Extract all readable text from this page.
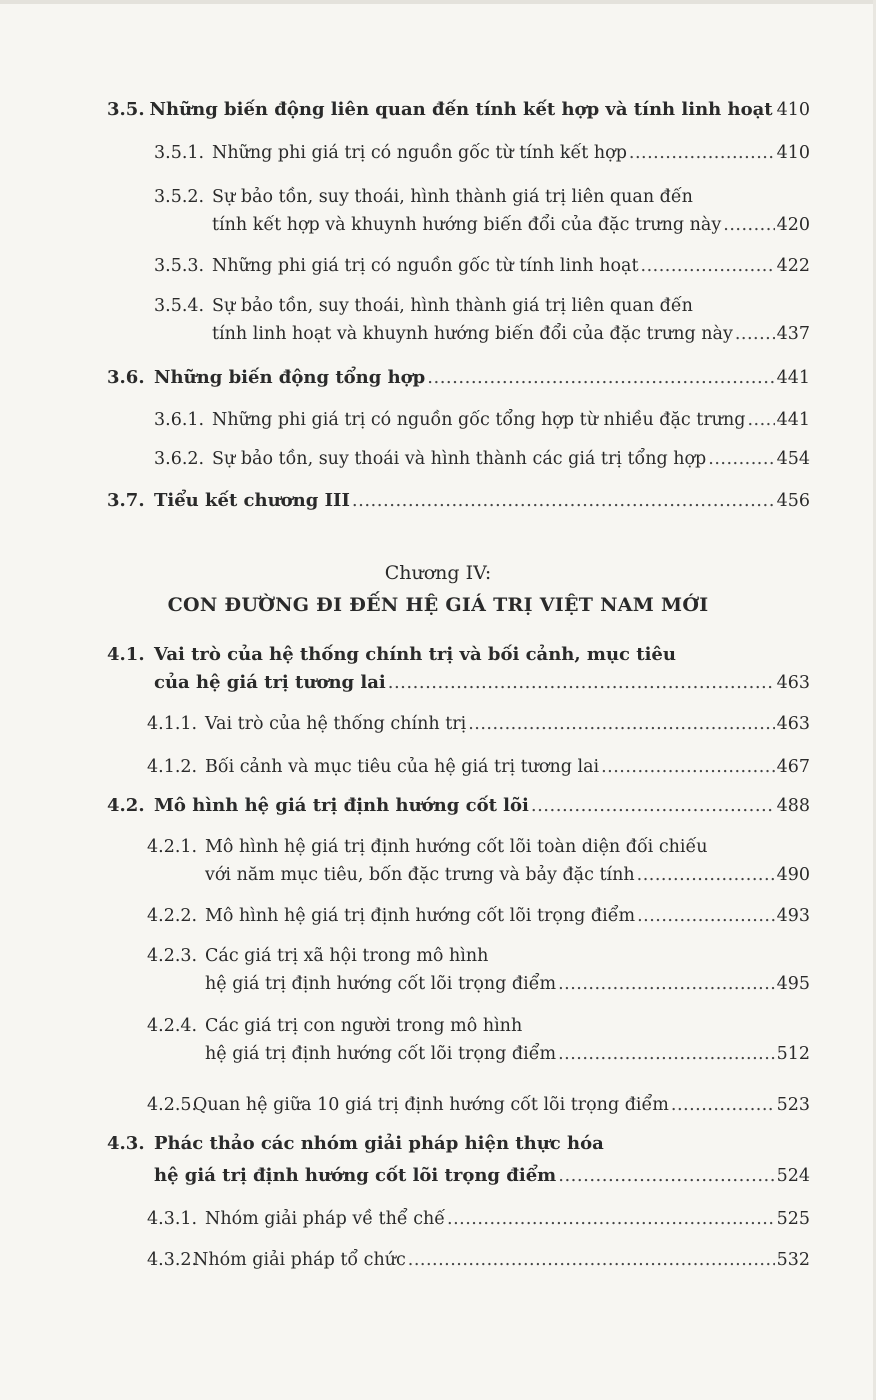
3.5. Những biến động liên quan đến tính kết hợp và tính linh hoạt 410
3.5.1. Những phi giá trị có nguồn gốc từ tính kết hợp .....	410
3.5.2. Sự bảo tồn, suy thoái, hình thành giá trị liên quan đến
tính kết hợp và khuynh hướng biến đổi của đặc trưng này .....	420
3.5.3. Những phi giá trị có nguồn gốc từ tính linh hoạt .....	422
3.5.4. Sự bảo tồn, suy thoái, hình thành giá trị liên quan đến
tính linh hoạt và khuynh hướng biến đổi của đặc trưng này .....	437
3.6. Những biến động tổng hợp .....	441
3.6.1. Những phi giá trị có nguồn gốc tổng hợp từ nhiều đặc trưng ..... 441
3.6.2. Sự bảo tồn, suy thoái và hình thành các giá trị tổng hợp .....	454
3.7. Tiểu kết chương III .....	456
Chương IV:
CON ĐƯỜNG ĐI ĐẾN HỆ GIÁ TRỊ VIỆT NAM MỚI
4.1. Vai trò của hệ thống chính trị và bối cảnh, mục tiêu
của hệ giá trị tương lai .....	463
4.1.1. Vai trò của hệ thống chính trị .....	463
4.1.2. Bối cảnh và mục tiêu của hệ giá trị tương lai .....	467
4.2. Mô hình hệ giá trị định hướng cốt lõi .....	488
4.2.1. Mô hình hệ giá trị định hướng cốt lõi toàn diện đối chiếu
với năm mục tiêu, bốn đặc trưng và bảy đặc tính .....	490
4.2.2. Mô hình hệ giá trị định hướng cốt lõi trọng điểm .....	493
4.2.3. Các giá trị xã hội trong mô hình
hệ giá trị định hướng cốt lõi trọng điểm .....	495
4.2.4. Các giá trị con người trong mô hình
hệ giá trị định hướng cốt lõi trọng điểm .....	512
4.2.5.
Quan hệ giữa 10 giá trị định hướng cốt lõi trọng điểm .....	523
4.3. Phác thảo các nhóm giải pháp hiện thực hóa
hệ giá trị định hướng cốt lõi trọng điểm .....	524
4.3.1. Nhóm giải pháp về thể chế .....	525
4.3.2.
Nhóm giải pháp tổ chức .....	532
